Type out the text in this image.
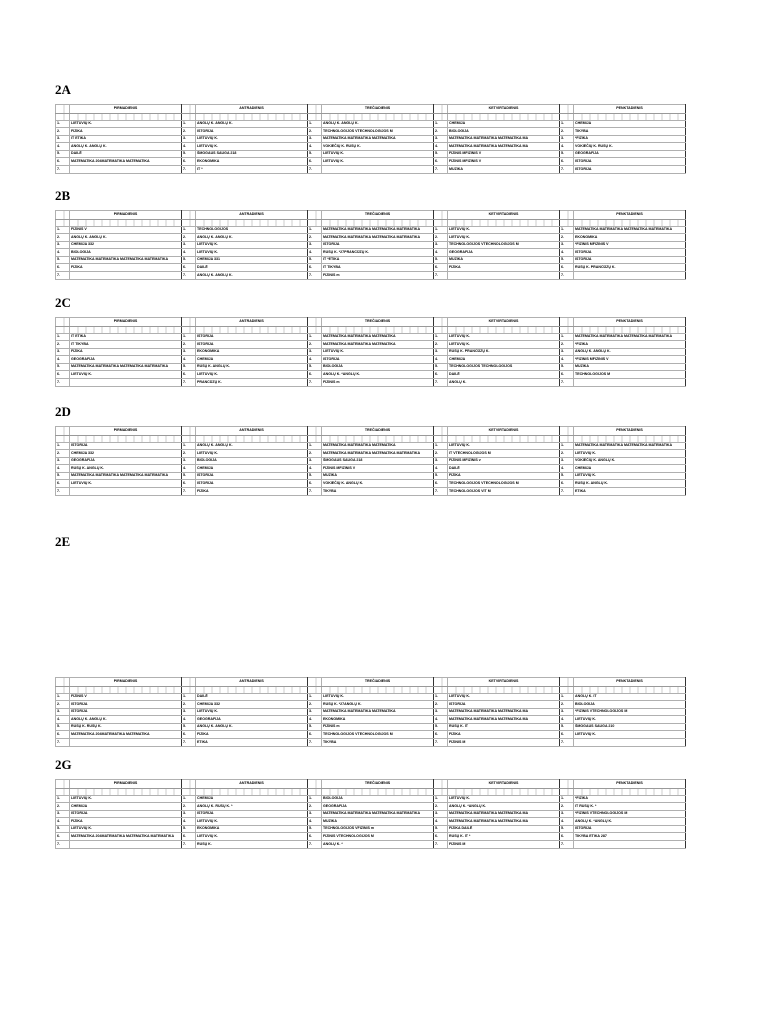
2A
	PIRMADIENIS		ANTRADIENIS		TREČIADIENIS		KETVIRTADIENIS		PENKTADIENIS

1.	LIETUVIŲ K.	1.	ANGLŲ K. ANGLŲ K.	1.	ANGLŲ K. ANGLŲ K.	1.	CHEMIJA	1.	CHEMIJA
2.	FIZIKA	2.	ISTORIJA	2.	TECHNOLOGIJOS VTECHNOLOGIJOS M	2.	BIOLOGIJA	2.	TIKYBA
3.	IT ETIKA	3.	LIETUVIŲ K.	3.	MATEMATIKA MATEMATIKA MATEMATIKA	3.	MATEMATIKA MATEMATIKA MATEMATIKA MA	3.	*FIZIKA
4.	ANGLŲ K. ANGLŲ K.	4.	LIETUVIŲ K.	4.	VOKIEČIŲ K. RUSŲ K.	4.	MATEMATIKA MATEMATIKA MATEMATIKA MA	4.	VOKIEČIŲ K. RUSŲ K.
5.	DAILĖ	5.	ŠMOGAUS SAUGA 218	5.	LIETUVIŲ K.	5.	FIZINIS MFIZINIS V	5.	GEOGRAFIJA
6.	MATEMATIKA 204MATEMATIKA MATEMATIKA	6.	EKONOMIKA	6.	LIETUVIŲ K.	6.	FIZINIS MFIZINIS V	6.	ISTORIJA
7.		7.	IT *	7.		7.	MUZIKA	7.	ISTORIJA
2B
	PIRMADIENIS		ANTRADIENIS		TREČIADIENIS		KETVIRTADIENIS		PENKTADIENIS

1.	FIZINIS V	1.	TECHNOLOGIJOS	1.	MATEMATIKA MATEMATIKA MATEMATIKA MATEMATIKA	1.	LIETUVIŲ K.	1.	MATEMATIKA MATEMATIKA MATEMATIKA MATEMATIKA
2.	ANGLŲ K. ANGLŲ K.	2.	ANGLŲ K. ANGLŲ K.	2.	MATEMATIKA MATEMATIKA MATEMATIKA MATEMATIKA	2.	LIETUVIŲ K.	2.	EKONOMIKA
3.	CHEMIJA 332	3.	LIETUVIŲ K.	3.	ISTORIJA	3.	TECHNOLOGIJOS VTECHNOLOGIJOS M	3.	*FIZINIS MFIZINIS V
4.	BIOLOGIJA	4.	LIETUVIŲ K.	4.	RUSŲ K. *27PRANCŪZŲ K.	4.	GEOGRAFIJA	4.	ISTORIJA
5.	MATEMATIKA MATEMATIKA MATEMATIKA MATEMATIKA	5.	CHEMIJA 331	5.	IT *ETIKA	5.	MUZIKA	5.	ISTORIJA
6.	FIZIKA	6.	DAILĖ	6.	IT TIKYBA	6.	FIZIKA	6.	RUSŲ K. PRANCŪZŲ K.
7.		7.	ANGLŲ K. ANGLŲ K.	7.	FIZINIS m	7.		7.	
2C
	PIRMADIENIS		ANTRADIENIS		TREČIADIENIS		KETVIRTADIENIS		PENKTADIENIS

1.	IT ETIKA	1.	ISTORIJA	1.	MATEMATIKA MATEMATIKA MATEMATIKA	1.	LIETUVIŲ K.	1.	MATEMATIKA MATEMATIKA MATEMATIKA MATEMATIKA
2.	IT TIKYBA	2.	ISTORIJA	2.	MATEMATIKA MATEMATIKA MATEMATIKA	2.	LIETUVIŲ K.	2.	*FIZIKA
3.	FIZIKA	3.	EKONOMIKA	3.	LIETUVIŲ K.	3.	RUSŲ K. PRANCŪZŲ K.	3.	ANGLŲ K. ANGLŲ K.
4.	GEOGRAFIJA	4.	CHEMIJA	4.	ISTORIJA	4.	CHEMIJA	4.	*FIZINIS MFIZINIS V
5.	MATEMATIKA MATEMATIKA MATEMATIKA MATEMATIKA	5.	RUSŲ K. ANGLŲ K.	5.	BIOLOGIJA	5.	TECHNOLOGIJOS TECHNOLOGIJOS	5.	MUZIKA
6.	LIETUVIŲ K.	6.	LIETUVIŲ K.	6.	ANGLŲ K. *ANGLŲ K.	6.	DAILĖ	6.	TECHNOLOGIJOS M
7.		7.	PRANCŪZŲ K.	7.	FIZINIS m	7.	ANGLŲ K.	7.	
2D
	PIRMADIENIS		ANTRADIENIS		TREČIADIENIS		KETVIRTADIENIS		PENKTADIENIS

1.	ISTORIJA	1.	ANGLŲ K. ANGLŲ K.	1.	MATEMATIKA MATEMATIKA MATEMATIKA	1.	LIETUVIŲ K.	1.	MATEMATIKA MATEMATIKA MATEMATIKA MATEMATIKA
2.	CHEMIJA 332	2.	LIETUVIŲ K.	2.	MATEMATIKA MATEMATIKA MATEMATIKA MATEMATIKA	2.	IT VTECHNOLOGIJOS M	2.	LIETUVIŲ K.
3.	GEOGRAFIJA	3.	BIOLOGIJA	3.	ŠMOGAUS SAUGA 218	3.	FIZINIS MFIZINIS v	3.	VOKIEČIŲ K. ANGLŲ K.
4.	RUSŲ K. ANGLŲ K.	4.	CHEMIJA	4.	FIZINIS MFIZINIS V	4.	DAILĖ	4.	CHEMIJA
5.	MATEMATIKA MATEMATIKA MATEMATIKA MATEMATIKA	5.	ISTORIJA	5.	MUZIKA	5.	FIZIKA	5.	LIETUVIŲ K.
6.	LIETUVIŲ K.	6.	ISTORIJA	6.	VOKIEČIŲ K. ANGLŲ K.	6.	TECHNOLOGIJOS VTECHNOLOGIJOS M	6.	RUSŲ K. ANGLŲ K.
7.		7.	FIZIKA	7.	TIKYBA	7.	TECHNOLOGIJOS VIT M	7.	ETIKA
2E
	PIRMADIENIS		ANTRADIENIS		TREČIADIENIS		KETVIRTADIENIS		PENKTADIENIS

1.	FIZINIS V	1.	DAILĖ	1.	LIETUVIŲ K.	1.	LIETUVIŲ K.	1.	ANGLŲ K. IT
2.	ISTORIJA	2.	CHEMIJA 332	2.	RUSŲ K. *27ANGLŲ K.	2.	ISTORIJA	2.	BIOLOGIJA
3.	ISTORIJA	3.	LIETUVIŲ K.	3.	MATEMATIKA MATEMATIKA MATEMATIKA	3.	MATEMATIKA MATEMATIKA MATEMATIKA MA	3.	*FIZINIS VTECHNOLOGIJOS M
4.	ANGLŲ K. ANGLŲ K.	4.	GEOGRAFIJA	4.	EKONOMIKA	4.	MATEMATIKA MATEMATIKA MATEMATIKA MA	4.	LIETUVIŲ K.
5.	RUSŲ K. RUSŲ K.	5.	ANGLŲ K. ANGLŲ K.	5.	FIZINIS m	5.	RUSŲ K. IT	5.	ŠMOGAUS SAUGA 210
6.	MATEMATIKA 204MATEMATIKA MATEMATIKA	6.	FIZIKA	6.	TECHNOLOGIJOS VTECHNOLOGIJOS M	6.	FIZIKA	6.	LIETUVIŲ K.
7.		7.	ETIKA	7.	TIKYBA	7.	FIZINIS M	7.	
2G
	PIRMADIENIS		ANTRADIENIS		TREČIADIENIS		KETVIRTADIENIS		PENKTADIENIS

1.	LIETUVIŲ K.	1.	CHEMIJA	1.	BIOLOGIJA	1.	LIETUVIŲ K.	1.	*FIZIKA
2.	CHEMIJA	2.	ANGLŲ K. RUSŲ K. *	2.	GEOGRAFIJA	2.	ANGLŲ K. *ANGLŲ K.	2.	IT RUSŲ K. *
3.	ISTORIJA	3.	ISTORIJA	3.	MATEMATIKA MATEMATIKA MATEMATIKA MATEMATIKA	3.	MATEMATIKA MATEMATIKA MATEMATIKA MA	3.	*FIZINIS VTECHNOLOGIJOS M
4.	FIZIKA	4.	LIETUVIŲ K.	4.	MUZIKA	4.	MATEMATIKA MATEMATIKA MATEMATIKA MA	4.	ANGLŲ K. *ANGLŲ K.
5.	LIETUVIŲ K.	5.	EKONOMIKA	5.	TECHNOLOGIJOS VFIZINIS m	5.	FIZIKA DAILĖ	5.	ISTORIJA
6.	MATEMATIKA 204MATEMATIKA MATEMATIKA MATEMATIKA	6.	LIETUVIŲ K.	6.	FIZINIS VTECHNOLOGIJOS M	6.	RUSŲ K. IT *	6.	TIKYBA ETIKA 287
7.		7.	RUSŲ K.	7.	ANGLŲ K. *	7.	FIZINIS M	7.	
